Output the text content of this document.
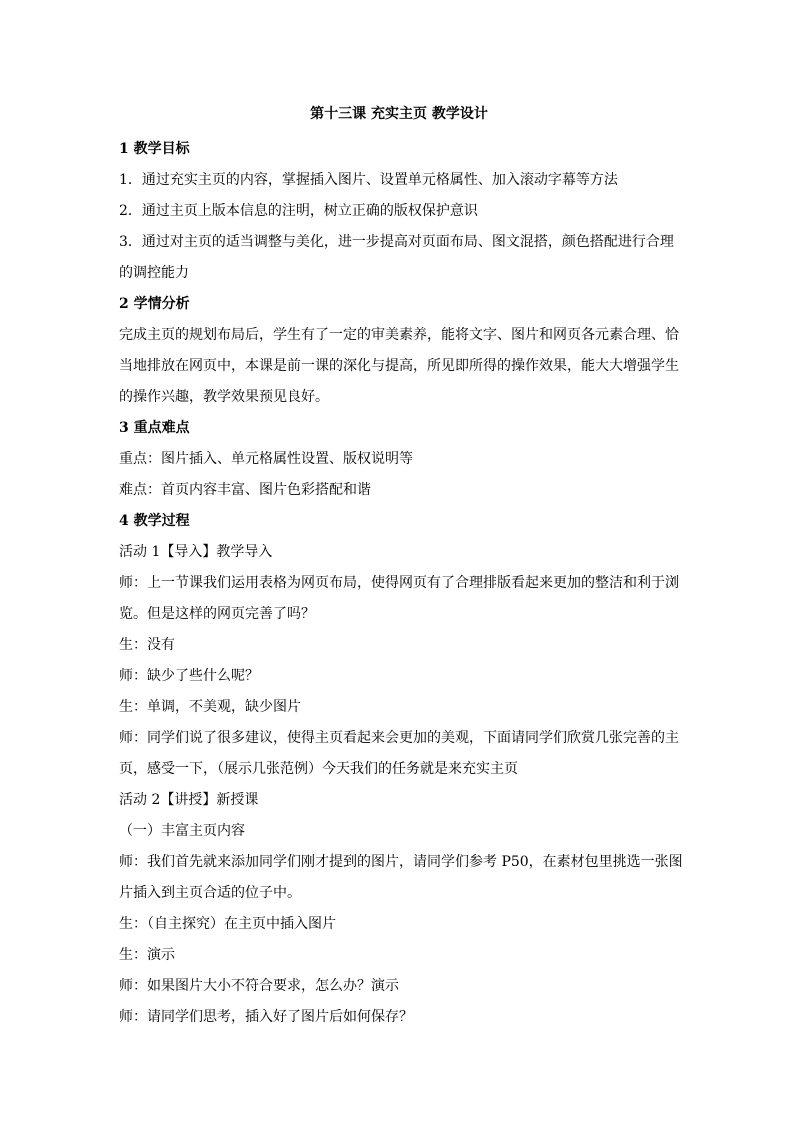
第十三课 充实主页 教学设计

1 教学目标

1．通过充实主页的内容，掌握插入图片、设置单元格属性、加入滚动字幕等方法

2．通过主页上版本信息的注明，树立正确的版权保护意识

3．通过对主页的适当调整与美化，进一步提高对页面布局、图文混搭，颜色搭配进行合理

的调控能力

2 学情分析

完成主页的规划布局后，学生有了一定的审美素养，能将文字、图片和网页各元素合理、恰

当地排放在网页中，本课是前一课的深化与提高，所见即所得的操作效果，能大大增强学生

的操作兴趣，教学效果预见良好。

3 重点难点

重点：图片插入、单元格属性设置、版权说明等

难点：首页内容丰富、图片色彩搭配和谐

4 教学过程

活动 1【导入】教学导入

师：上一节课我们运用表格为网页布局，使得网页有了合理排版看起来更加的整洁和利于浏

览。但是这样的网页完善了吗？

生：没有

师：缺少了些什么呢？

生：单调，不美观，缺少图片

师：同学们说了很多建议，使得主页看起来会更加的美观，下面请同学们欣赏几张完善的主

页，感受一下，（展示几张范例）今天我们的任务就是来充实主页

活动 2【讲授】新授课

（一）丰富主页内容

师：我们首先就来添加同学们刚才提到的图片，请同学们参考 P50，在素材包里挑选一张图

片插入到主页合适的位子中。

生：（自主探究）在主页中插入图片

生：演示

师：如果图片大小不符合要求，怎么办？演示

师：请同学们思考，插入好了图片后如何保存？
